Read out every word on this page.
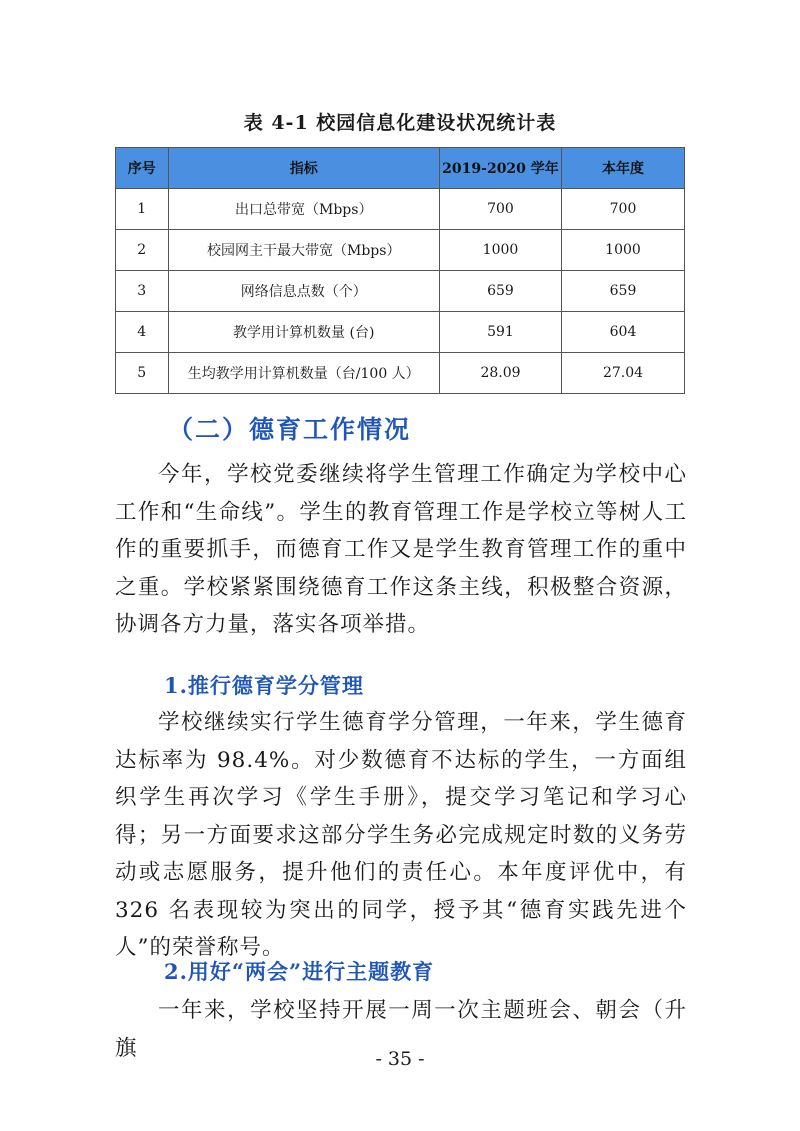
表 4-1 校园信息化建设状况统计表
序号	指标	2019-2020 学年	本年度
1	出口总带宽（Mbps）	700	700
2	校园网主干最大带宽（Mbps）	1000	1000
3	网络信息点数（个）	659	659
4	教学用计算机数量 (台)	591	604
5	生均教学用计算机数量（台/100 人）	28.09	27.04
（二）德育工作情况
今年，学校党委继续将学生管理工作确定为学校中心工作和“生命线”。学生的教育管理工作是学校立等树人工作的重要抓手，而德育工作又是学生教育管理工作的重中之重。学校紧紧围绕德育工作这条主线，积极整合资源，协调各方力量，落实各项举措。
1.推行德育学分管理
学校继续实行学生德育学分管理，一年来，学生德育达标率为 98.4%。对少数德育不达标的学生，一方面组织学生再次学习《学生手册》，提交学习笔记和学习心得；另一方面要求这部分学生务必完成规定时数的义务劳动或志愿服务，提升他们的责任心。本年度评优中，有 326 名表现较为突出的同学，授予其“德育实践先进个人”的荣誉称号。
2.用好“两会”进行主题教育
一年来，学校坚持开展一周一次主题班会、朝会（升旗	- 35 -
